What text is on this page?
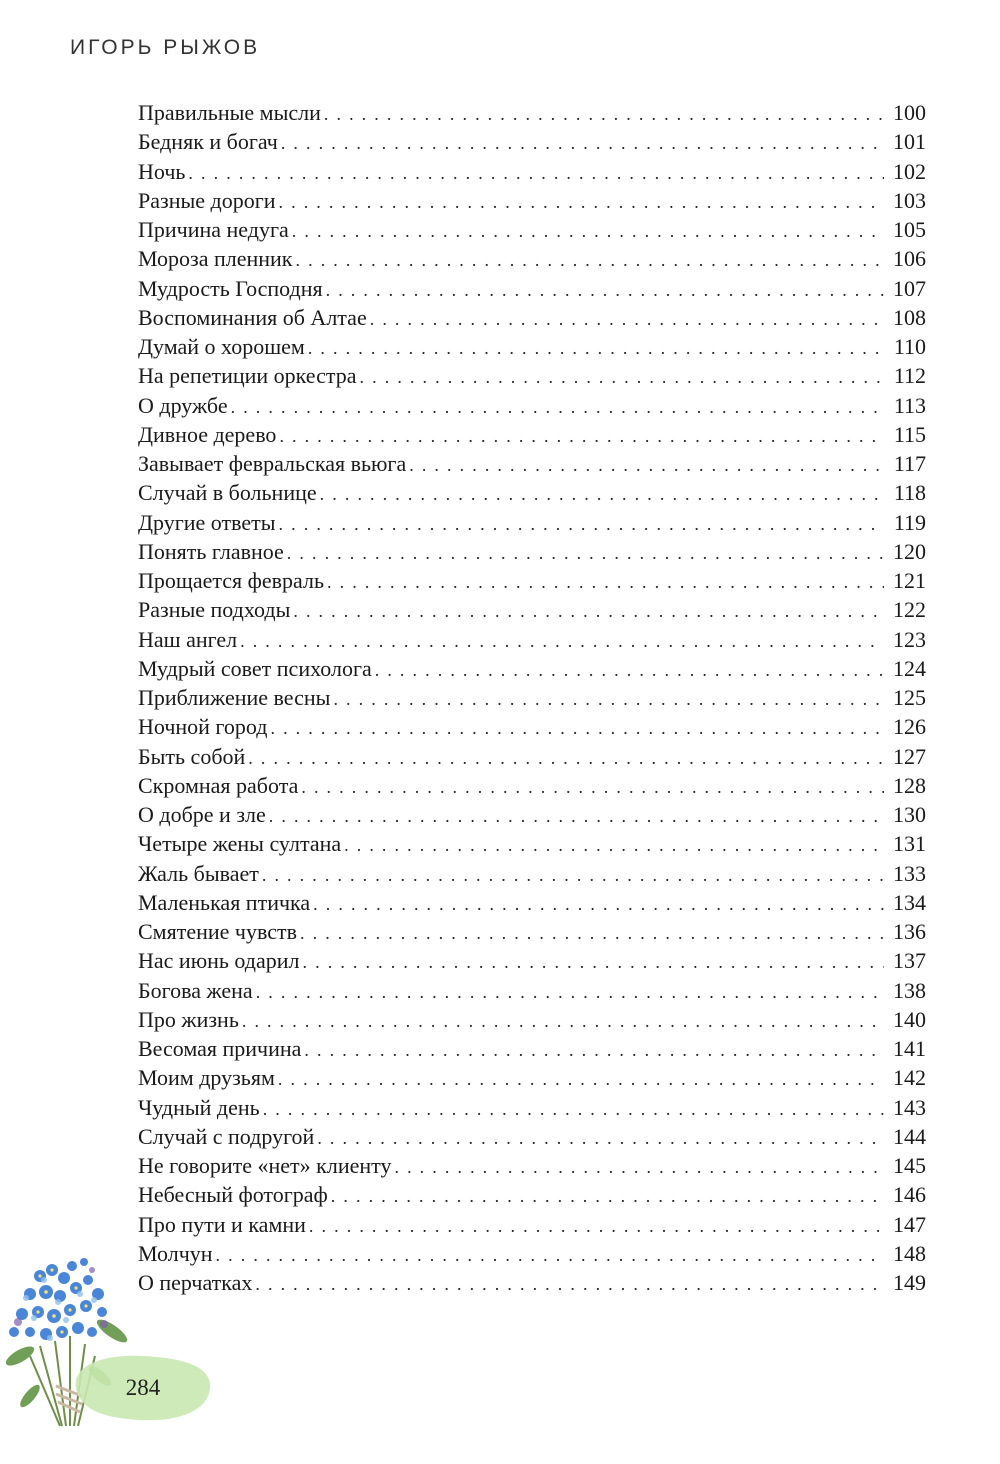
ИГОРЬ РЫЖОВ
Правильные мысли . . .	100
Бедняк и богач . . .	101
Ночь . . .	102
Разные дороги . . .	103
Причина недуга . . .	105
Мороза пленник . . .	106
Мудрость Господня . . .	107
Воспоминания об Алтае . . .	108
Думай о хорошем . . .	110
На репетиции оркестра . . .	112
О дружбе . . .	113
Дивное дерево . . .	115
Завывает февральская вьюга . . .	117
Случай в больнице . . .	118
Другие ответы . . .	119
Понять главное . . .	120
Прощается февраль . . .	121
Разные подходы . . .	122
Наш ангел . . .	123
Мудрый совет психолога . . .	124
Приближение весны . . .	125
Ночной город . . .	126
Быть собой . . .	127
Скромная работа . . .	128
О добре и зле . . .	130
Четыре жены султана . . .	131
Жаль бывает . . .	133
Маленькая птичка . . .	134
Смятение чувств . . .	136
Нас июнь одарил . . .	137
Богова жена . . .	138
Про жизнь . . .	140
Весомая причина . . .	141
Моим друзьям . . .	142
Чудный день . . .	143
Случай с подругой . . .	144
Не говорите «нет» клиенту . . .	145
Небесный фотограф . . .	146
Про пути и камни . . .	147
Молчун . . .	148
О перчатках . . .	149
284
